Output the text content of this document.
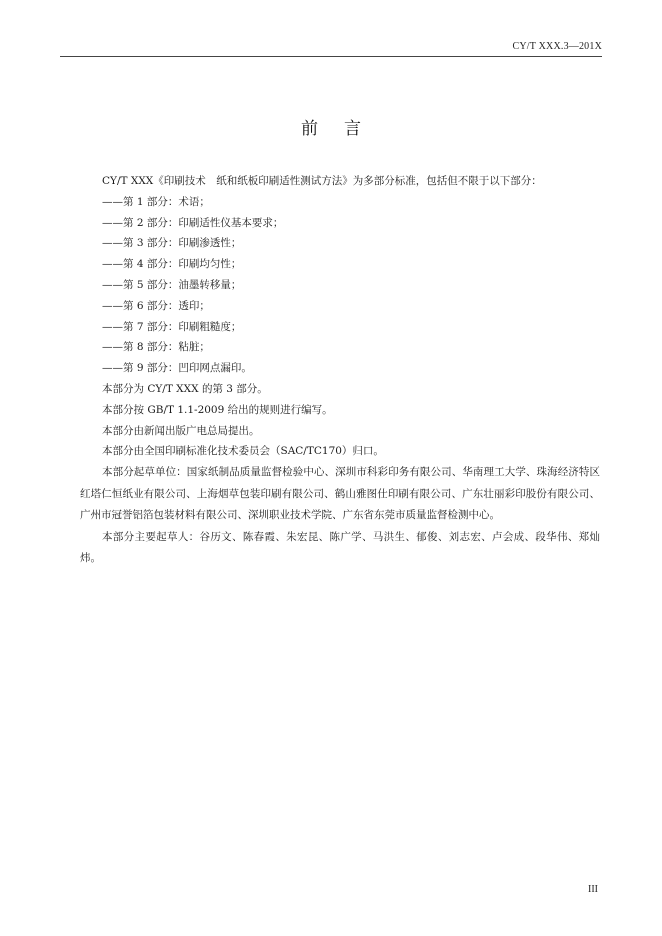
CY/T XXX.3—201X
前言

CY/T XXX《印刷技术　纸和纸板印刷适性测试方法》为多部分标准，包括但不限于以下部分：

——第 1 部分：术语；

——第 2 部分：印刷适性仪基本要求；

——第 3 部分：印刷渗透性；

——第 4 部分：印刷均匀性；

——第 5 部分：油墨转移量；

——第 6 部分：透印；

——第 7 部分：印刷粗糙度；

——第 8 部分：粘脏；

——第 9 部分：凹印网点漏印。

本部分为 CY/T XXX 的第 3 部分。

本部分按 GB/T 1.1-2009 给出的规则进行编写。

本部分由新闻出版广电总局提出。

本部分由全国印刷标准化技术委员会（SAC/TC170）归口。

本部分起草单位：国家纸制品质量监督检验中心、深圳市科彩印务有限公司、华南理工大学、珠海经济特区红塔仁恒纸业有限公司、上海烟草包装印刷有限公司、鹤山雅图仕印刷有限公司、广东壮丽彩印股份有限公司、广州市冠誉铝箔包装材料有限公司、深圳职业技术学院、广东省东莞市质量监督检测中心。

本部分主要起草人：谷历文、陈春霞、朱宏昆、陈广学、马洪生、郁俊、刘志宏、卢会成、段华伟、郑灿炜。

III
